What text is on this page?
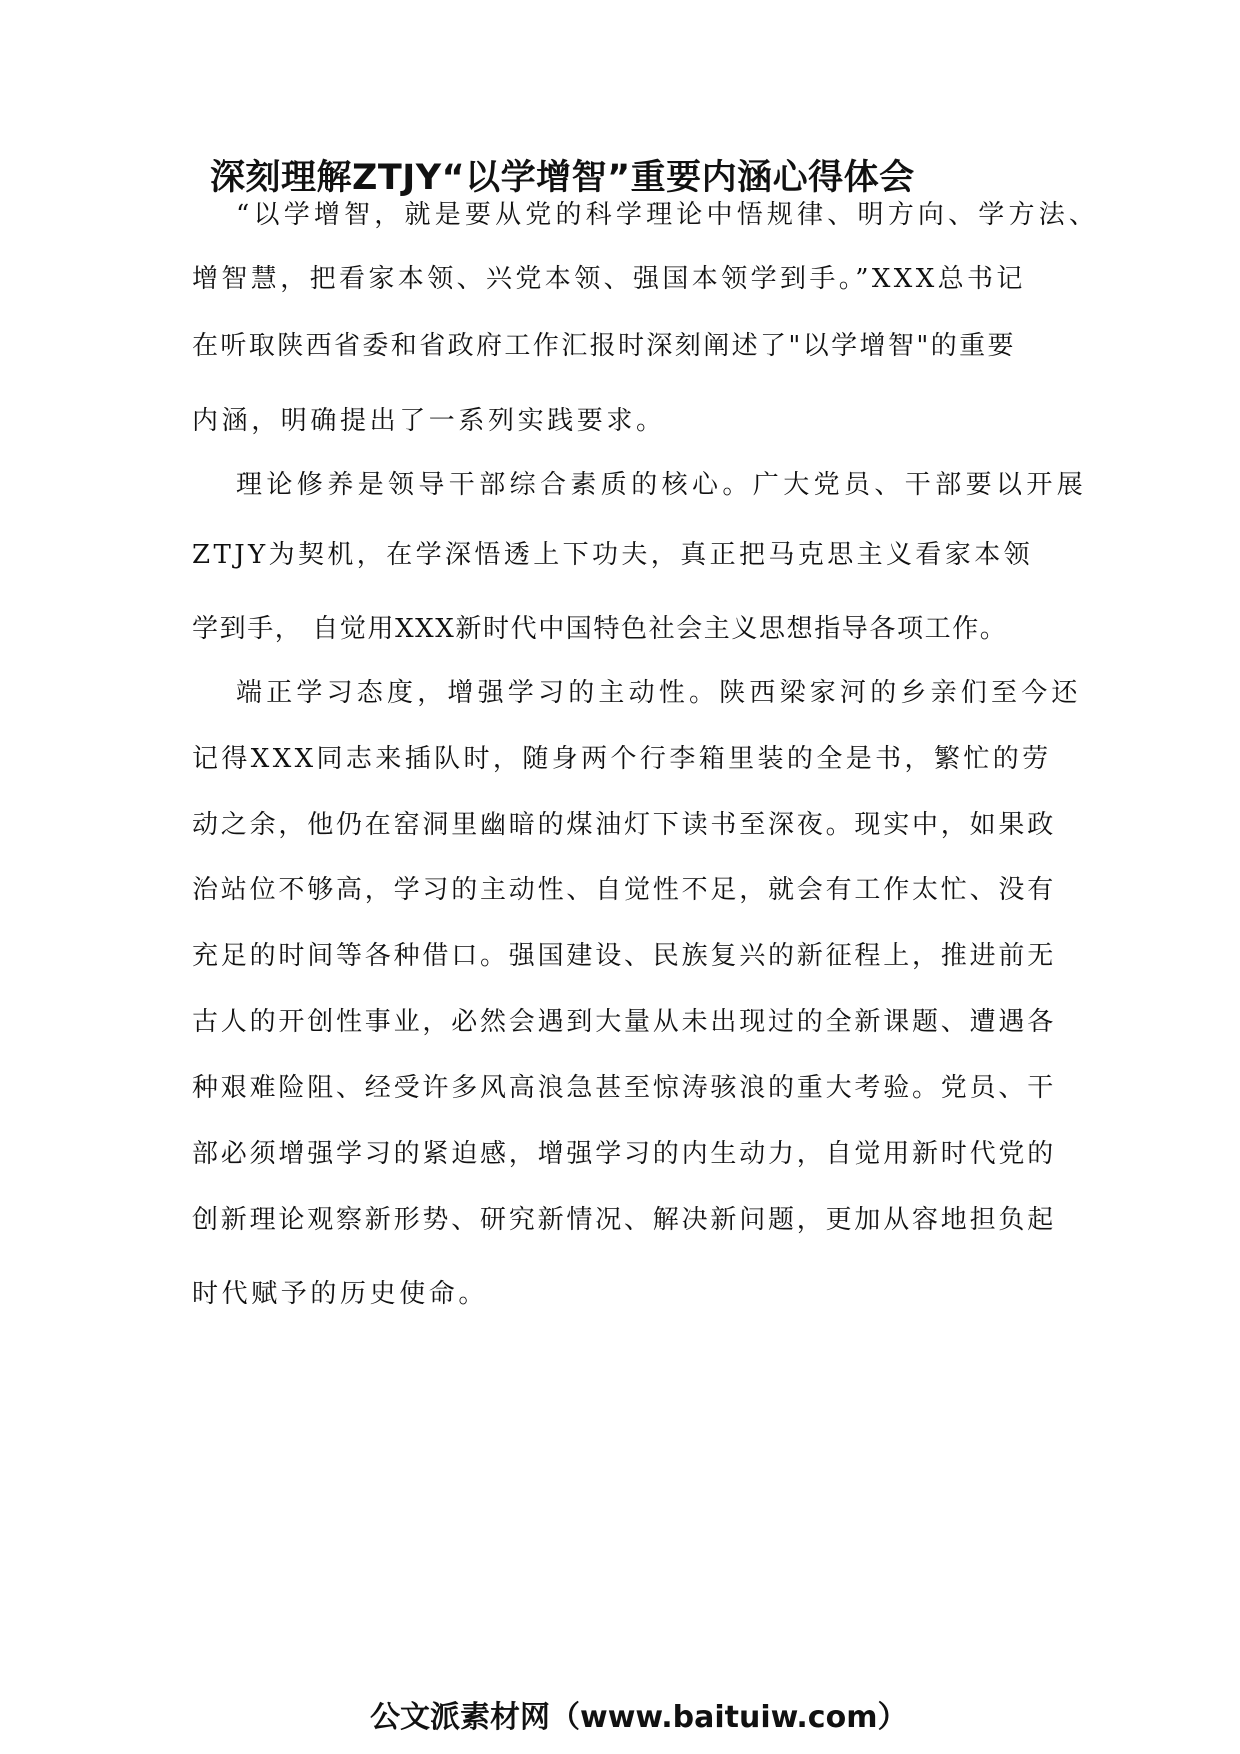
深刻理解ZTJY“以学增智”重要内涵心得体会
“以学增智，就是要从党的科学理论中悟规律、明方向、学方法、
增智慧，把看家本领、兴党本领、强国本领学到手。”XXX总书记
在听取陕西省委和省政府工作汇报时深刻阐述了"以学增智"的重要
内涵，明确提出了一系列实践要求。
理论修养是领导干部综合素质的核心。广大党员、干部要以开展
ZTJY为契机，在学深悟透上下功夫，真正把马克思主义看家本领
学到手， 自觉用XXX新时代中国特色社会主义思想指导各项工作。
端正学习态度，增强学习的主动性。陕西梁家河的乡亲们至今还
记得XXX同志来插队时，随身两个行李箱里装的全是书，繁忙的劳
动之余，他仍在窑洞里幽暗的煤油灯下读书至深夜。现实中，如果政
治站位不够高，学习的主动性、自觉性不足，就会有工作太忙、没有
充足的时间等各种借口。强国建设、民族复兴的新征程上，推进前无
古人的开创性事业，必然会遇到大量从未出现过的全新课题、遭遇各
种艰难险阻、经受许多风高浪急甚至惊涛骇浪的重大考验。党员、干
部必须增强学习的紧迫感，增强学习的内生动力，自觉用新时代党的
创新理论观察新形势、研究新情况、解决新问题，更加从容地担负起
时代赋予的历史使命。
公文派素材网（www.baituiw.com）
